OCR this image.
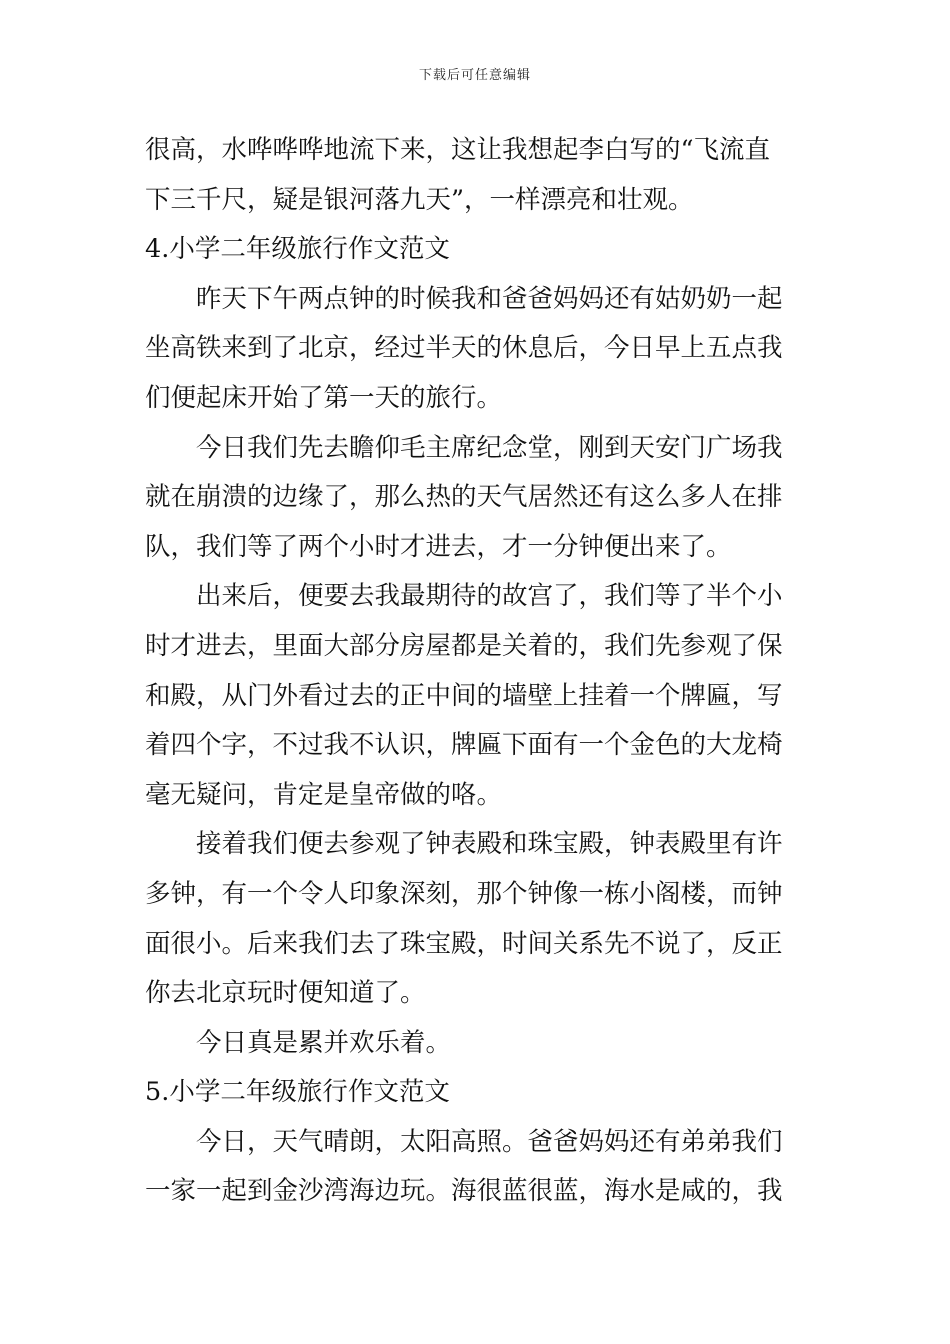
下载后可任意编辑
很高，水哗哗哗地流下来，这让我想起李白写的“飞流直
下三千尺，疑是银河落九天”，一样漂亮和壮观。
4.小学二年级旅行作文范文
昨天下午两点钟的时候我和爸爸妈妈还有姑奶奶一起
坐高铁来到了北京，经过半天的休息后，今日早上五点我
们便起床开始了第一天的旅行。
今日我们先去瞻仰毛主席纪念堂，刚到天安门广场我
就在崩溃的边缘了，那么热的天气居然还有这么多人在排
队，我们等了两个小时才进去，才一分钟便出来了。
出来后，便要去我最期待的故宫了，我们等了半个小
时才进去，里面大部分房屋都是关着的，我们先参观了保
和殿，从门外看过去的正中间的墙壁上挂着一个牌匾，写
着四个字，不过我不认识，牌匾下面有一个金色的大龙椅
毫无疑问，肯定是皇帝做的咯。
接着我们便去参观了钟表殿和珠宝殿，钟表殿里有许
多钟，有一个令人印象深刻，那个钟像一栋小阁楼，而钟
面很小。后来我们去了珠宝殿，时间关系先不说了，反正
你去北京玩时便知道了。
今日真是累并欢乐着。
5.小学二年级旅行作文范文
今日，天气晴朗，太阳高照。爸爸妈妈还有弟弟我们
一家一起到金沙湾海边玩。海很蓝很蓝，海水是咸的，我
